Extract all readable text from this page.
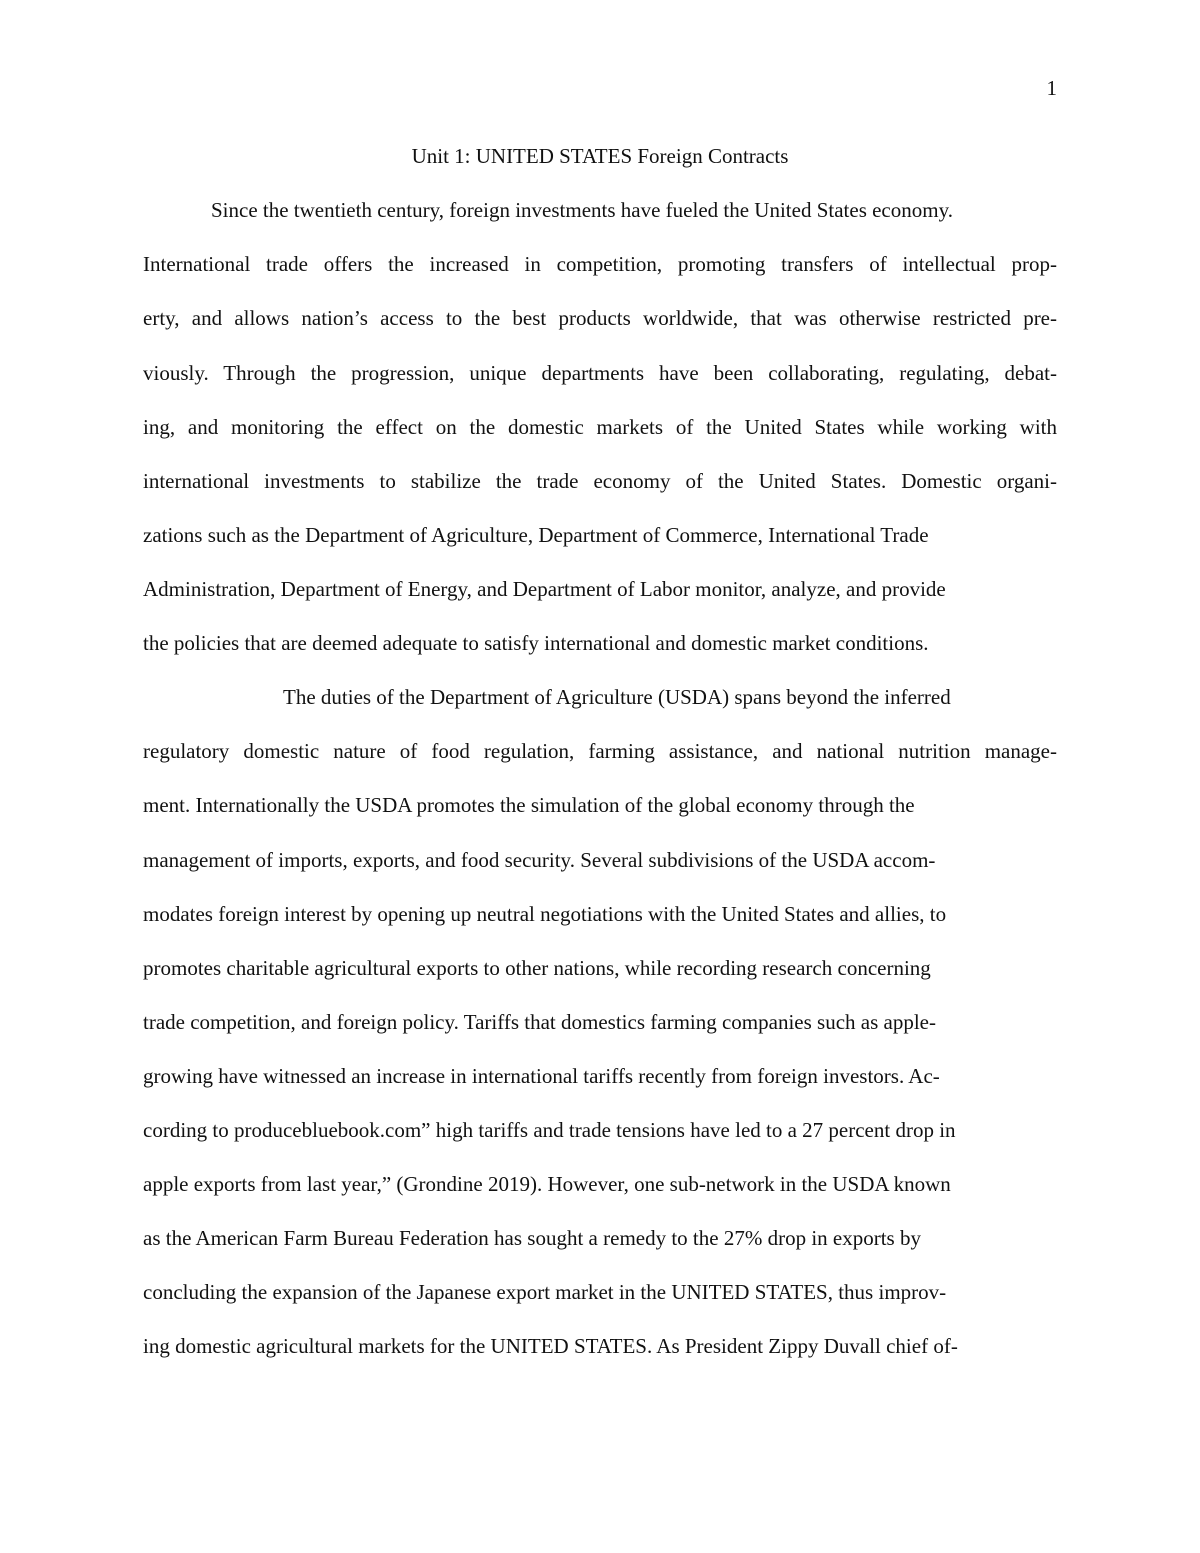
1
Unit 1: UNITED STATES Foreign Contracts
Since the twentieth century, foreign investments have fueled the United States economy.
International trade offers the increased in competition, promoting transfers of intellectual prop-
erty, and allows nation’s access to the best products worldwide, that was otherwise restricted pre-
viously. Through the progression, unique departments have been collaborating, regulating, debat-
ing, and monitoring the effect on the domestic markets of the United States while working with
international investments to stabilize the trade economy of the United States. Domestic organi-
zations such as the Department of Agriculture, Department of Commerce, International Trade
Administration, Department of Energy, and Department of Labor monitor, analyze, and provide
the policies that are deemed adequate to satisfy international and domestic market conditions.
The duties of the Department of Agriculture (USDA) spans beyond the inferred
regulatory domestic nature of food regulation, farming assistance, and national nutrition manage-
ment. Internationally the USDA promotes the simulation of the global economy through the
management of imports, exports, and food security. Several subdivisions of the USDA accom-
modates foreign interest by opening up neutral negotiations with the United States and allies, to
promotes charitable agricultural exports to other nations, while recording research concerning
trade competition, and foreign policy. Tariffs that domestics farming companies such as apple-
growing have witnessed an increase in international tariffs recently from foreign investors. Ac-
cording to producebluebook.com” high tariffs and trade tensions have led to a 27 percent drop in
apple exports from last year,” (Grondine 2019). However, one sub-network in the USDA known
as the American Farm Bureau Federation has sought a remedy to the 27% drop in exports by
concluding the expansion of the Japanese export market in the UNITED STATES, thus improv-
ing domestic agricultural markets for the UNITED STATES. As President Zippy Duvall chief of-
